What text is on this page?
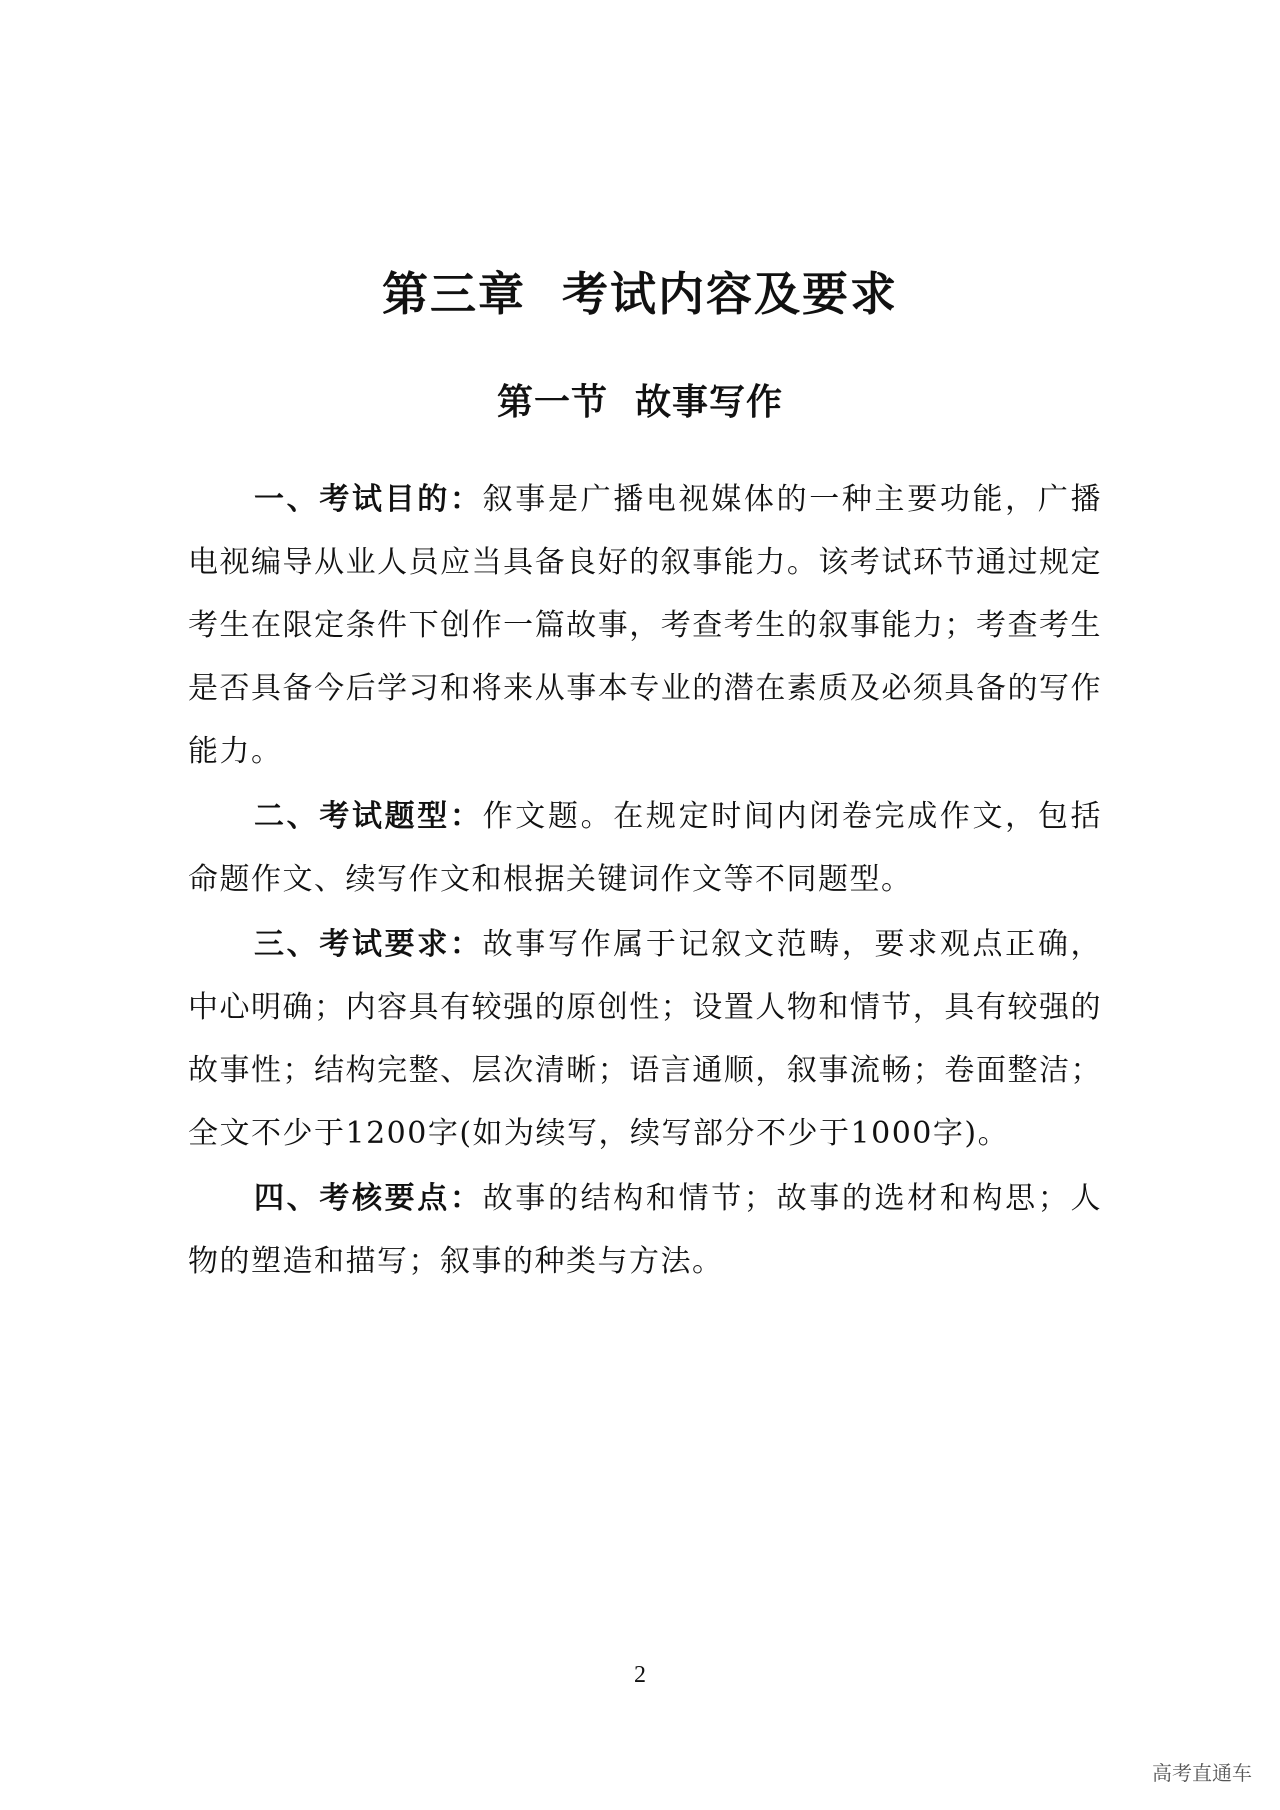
第三章  考试内容及要求
第一节  故事写作

一、考试目的：叙事是广播电视媒体的一种主要功能，广播电视编导从业人员应当具备良好的叙事能力。该考试环节通过规定考生在限定条件下创作一篇故事，考查考生的叙事能力；考查考生是否具备今后学习和将来从事本专业的潜在素质及必须具备的写作能力。

二、考试题型：作文题。在规定时间内闭卷完成作文，包括命题作文、续写作文和根据关键词作文等不同题型。

三、考试要求：故事写作属于记叙文范畴，要求观点正确，中心明确；内容具有较强的原创性；设置人物和情节，具有较强的故事性；结构完整、层次清晰；语言通顺，叙事流畅；卷面整洁；全文不少于1200字(如为续写，续写部分不少于1000字)。

四、考核要点：故事的结构和情节；故事的选材和构思；人物的塑造和描写；叙事的种类与方法。

2
高考直通车
